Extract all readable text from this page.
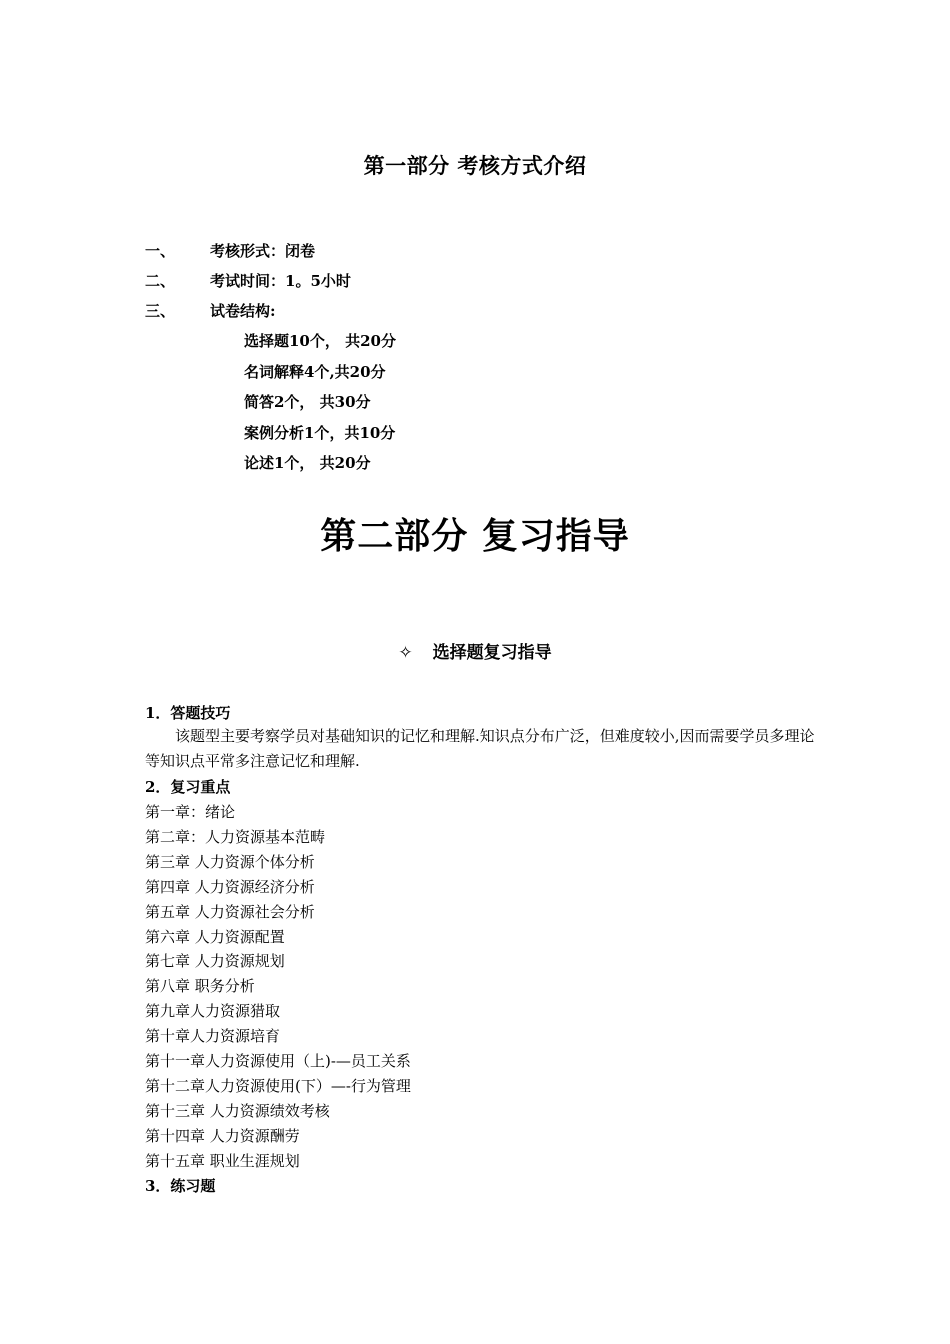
第一部分 考核方式介绍
一、 考核形式：闭卷
二、 考试时间：1。5小时
三、 试卷结构:
选择题10个， 共20分
名词解释4个,共20分
简答2个， 共30分
案例分析1个，共10分
论述1个， 共20分
第二部分 复习指导
✧ 选择题复习指导
1．答题技巧
该题型主要考察学员对基础知识的记忆和理解.知识点分布广泛，但难度较小,因而需要学员多理论等知识点平常多注意记忆和理解.
2．复习重点
第一章：绪论
第二章：人力资源基本范畴
第三章 人力资源个体分析
第四章 人力资源经济分析
第五章 人力资源社会分析
第六章 人力资源配置
第七章 人力资源规划
第八章 职务分析
第九章人力资源猎取
第十章人力资源培育
第十一章人力资源使用（上)-—员工关系
第十二章人力资源使用(下）—-行为管理
第十三章 人力资源绩效考核
第十四章 人力资源酬劳
第十五章 职业生涯规划
3．练习题
